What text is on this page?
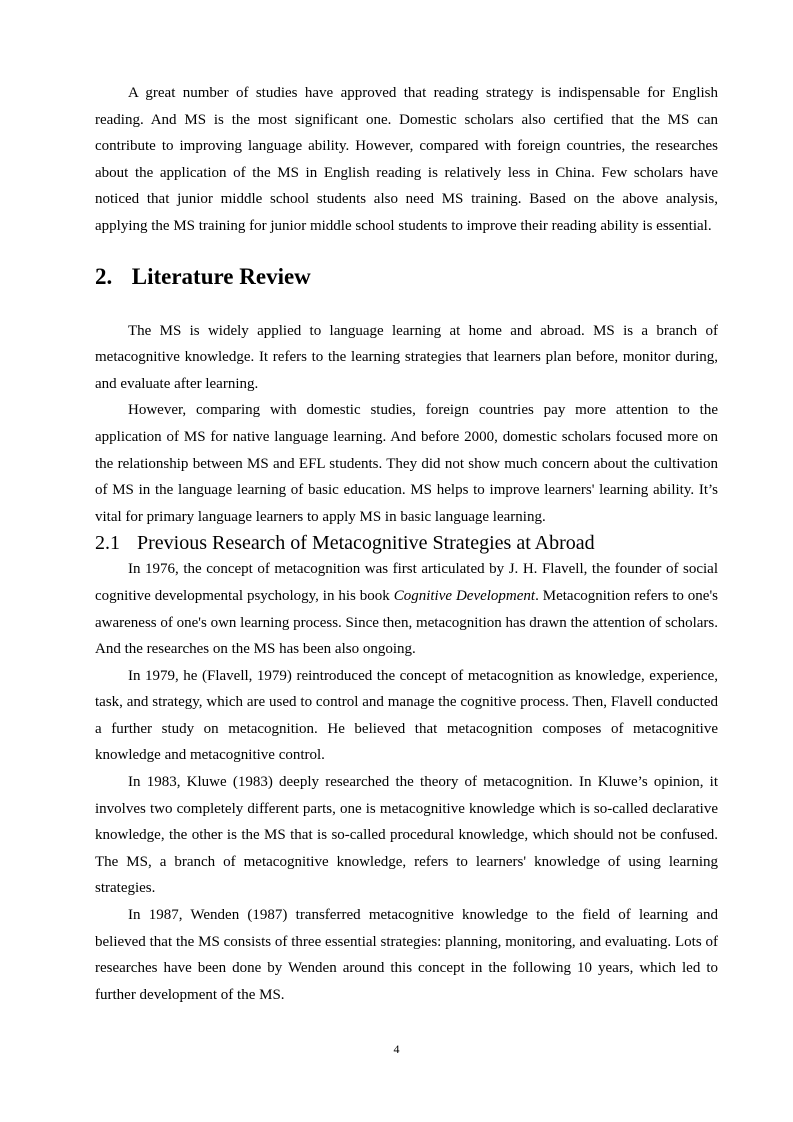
A great number of studies have approved that reading strategy is indispensable for English reading. And MS is the most significant one. Domestic scholars also certified that the MS can contribute to improving language ability. However, compared with foreign countries, the researches about the application of the MS in English reading is relatively less in China. Few scholars have noticed that junior middle school students also need MS training. Based on the above analysis, applying the MS training for junior middle school students to improve their reading ability is essential.

2. Literature Review

The MS is widely applied to language learning at home and abroad. MS is a branch of metacognitive knowledge. It refers to the learning strategies that learners plan before, monitor during, and evaluate after learning.

However, comparing with domestic studies, foreign countries pay more attention to the application of MS for native language learning. And before 2000, domestic scholars focused more on the relationship between MS and EFL students. They did not show much concern about the cultivation of MS in the language learning of basic education. MS helps to improve learners' learning ability. It’s vital for primary language learners to apply MS in basic language learning.

2.1 Previous Research of Metacognitive Strategies at Abroad

In 1976, the concept of metacognition was first articulated by J. H. Flavell, the founder of social cognitive developmental psychology, in his book Cognitive Development. Metacognition refers to one's awareness of one's own learning process. Since then, metacognition has drawn the attention of scholars. And the researches on the MS has been also ongoing.

In 1979, he (Flavell, 1979) reintroduced the concept of metacognition as knowledge, experience, task, and strategy, which are used to control and manage the cognitive process. Then, Flavell conducted a further study on metacognition. He believed that metacognition composes of metacognitive knowledge and metacognitive control.

In 1983, Kluwe (1983) deeply researched the theory of metacognition. In Kluwe’s opinion, it involves two completely different parts, one is metacognitive knowledge which is so-called declarative knowledge, the other is the MS that is so-called procedural knowledge, which should not be confused. The MS, a branch of metacognitive knowledge, refers to learners' knowledge of using learning strategies.

In 1987, Wenden (1987) transferred metacognitive knowledge to the field of learning and believed that the MS consists of three essential strategies: planning, monitoring, and evaluating. Lots of researches have been done by Wenden around this concept in the following 10 years, which led to further development of the MS.

4
